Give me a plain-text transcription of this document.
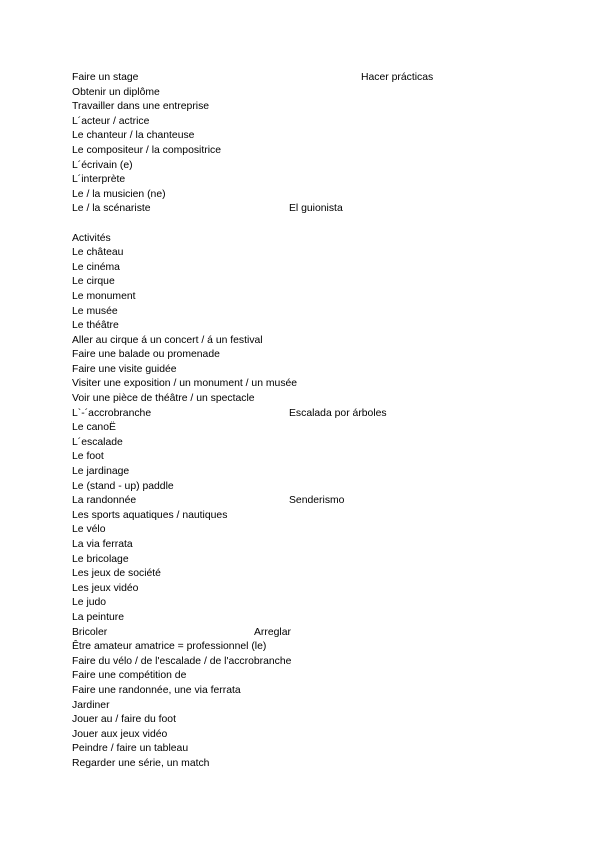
Faire un stage	Hacer prácticas
Obtenir un diplôme
Travailler dans une entreprise
L´acteur / actrice
Le chanteur / la chanteuse
Le compositeur / la compositrice
L´écrivain (e)
L´interprète
Le / la musicien (ne)
Le / la scénariste	El guionista
Activités
Le château
Le cinéma
Le cirque
Le monument
Le musée
Le théâtre
Aller au cirque á un concert / á un festival
Faire une balade ou promenade
Faire une visite guidée
Visiter une exposition / un monument / un musée
Voir une pièce de théâtre / un spectacle
L`-´accrobranche	Escalada por árboles
Le canoË
L´escalade
Le foot
Le jardinage
Le (stand - up) paddle
La randonnée	Senderismo
Les sports aquatiques / nautiques
Le vélo
La via ferrata
Le bricolage
Les jeux de société
Les jeux vidéo
Le judo
La peinture
Bricoler	Arreglar
Être amateur amatrice = professionnel (le)
Faire du vélo / de l'escalade / de l'accrobranche
Faire une compétition de
Faire une randonnée, une via ferrata
Jardiner
Jouer au / faire du foot
Jouer aux jeux vidéo
Peindre / faire un tableau
Regarder une série, un match
